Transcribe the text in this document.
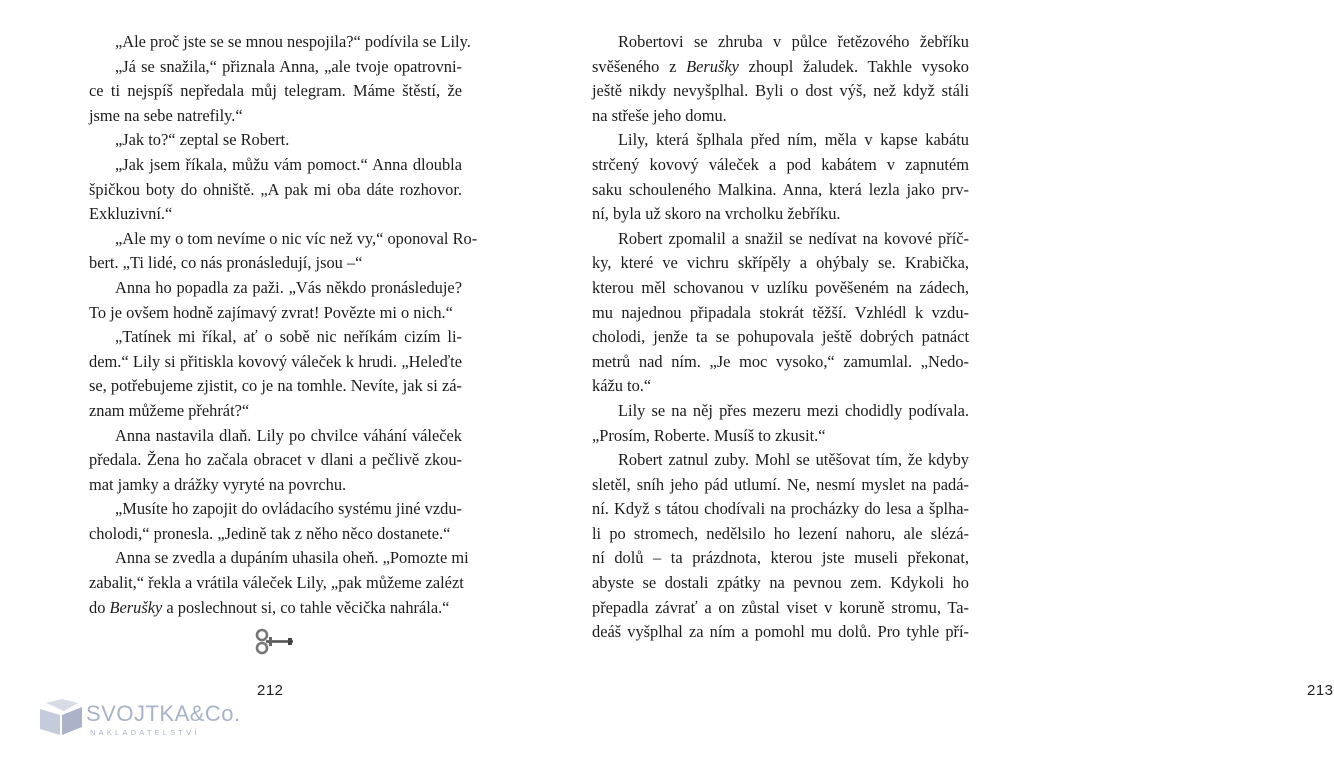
„Ale proč jste se se mnou nespojila?“ podívila se Lily.
„Já se snažila,“ přiznala Anna, „ale tvoje opatrovni-
ce ti nejspíš nepředala můj telegram. Máme štěstí, že
jsme na sebe natrefily.“
„Jak to?“ zeptal se Robert.
„Jak jsem říkala, můžu vám pomoct.“ Anna dloubla
špičkou boty do ohniště. „A pak mi oba dáte rozhovor.
Exkluzivní.“
„Ale my o tom nevíme o nic víc než vy,“ oponoval Ro-
bert. „Ti lidé, co nás pronásledují, jsou –“
Anna ho popadla za paži. „Vás někdo pronásleduje?
To je ovšem hodně zajímavý zvrat! Povězte mi o nich.“
„Tatínek mi říkal, ať o sobě nic neříkám cizím li-
dem.“ Lily si přitiskla kovový váleček k hrudi. „Heleďte
se, potřebujeme zjistit, co je na tomhle. Nevíte, jak si zá-
znam můžeme přehrát?“
Anna nastavila dlaň. Lily po chvilce váhání váleček
předala. Žena ho začala obracet v dlani a pečlivě zkou-
mat jamky a drážky vyryté na povrchu.
„Musíte ho zapojit do ovládacího systému jiné vzdu-
cholodi,“ pronesla. „Jedině tak z něho něco dostanete.“
Anna se zvedla a dupáním uhasila oheň. „Pomozte mi
zabalit,“ řekla a vrátila váleček Lily, „pak můžeme zalézt
do Berušky a poslechnout si, co tahle věcička nahrála.“
212
SVOJTKA&Co.
NAKLADATELSTVÍ
Robertovi se zhruba v půlce řetězového žebříku
svěšeného z Berušky zhoupl žaludek. Takhle vysoko
ještě nikdy nevyšplhal. Byli o dost výš, než když stáli
na střeše jeho domu.
Lily, která šplhala před ním, měla v kapse kabátu
strčený kovový váleček a pod kabátem v zapnutém
saku schouleného Malkina. Anna, která lezla jako prv-
ní, byla už skoro na vrcholku žebříku.
Robert zpomalil a snažil se nedívat na kovové příč-
ky, které ve vichru skřípěly a ohýbaly se. Krabička,
kterou měl schovanou v uzlíku pověšeném na zádech,
mu najednou připadala stokrát těžší. Vzhlédl k vzdu-
cholodi, jenže ta se pohupovala ještě dobrých patnáct
metrů nad ním. „Je moc vysoko,“ zamumlal. „Nedo-
kážu to.“
Lily se na něj přes mezeru mezi chodidly podívala.
„Prosím, Roberte. Musíš to zkusit.“
Robert zatnul zuby. Mohl se utěšovat tím, že kdyby
sletěl, sníh jeho pád utlumí. Ne, nesmí myslet na padá-
ní. Když s tátou chodívali na procházky do lesa a šplha-
li po stromech, nedělsilo ho lezení nahoru, ale slézá-
ní dolů – ta prázdnota, kterou jste museli překonat,
abyste se dostali zpátky na pevnou zem. Kdykoli ho
přepadla závrať a on zůstal viset v koruně stromu, Ta-
deáš vyšplhal za ním a pomohl mu dolů. Pro tyhle pří-
213
